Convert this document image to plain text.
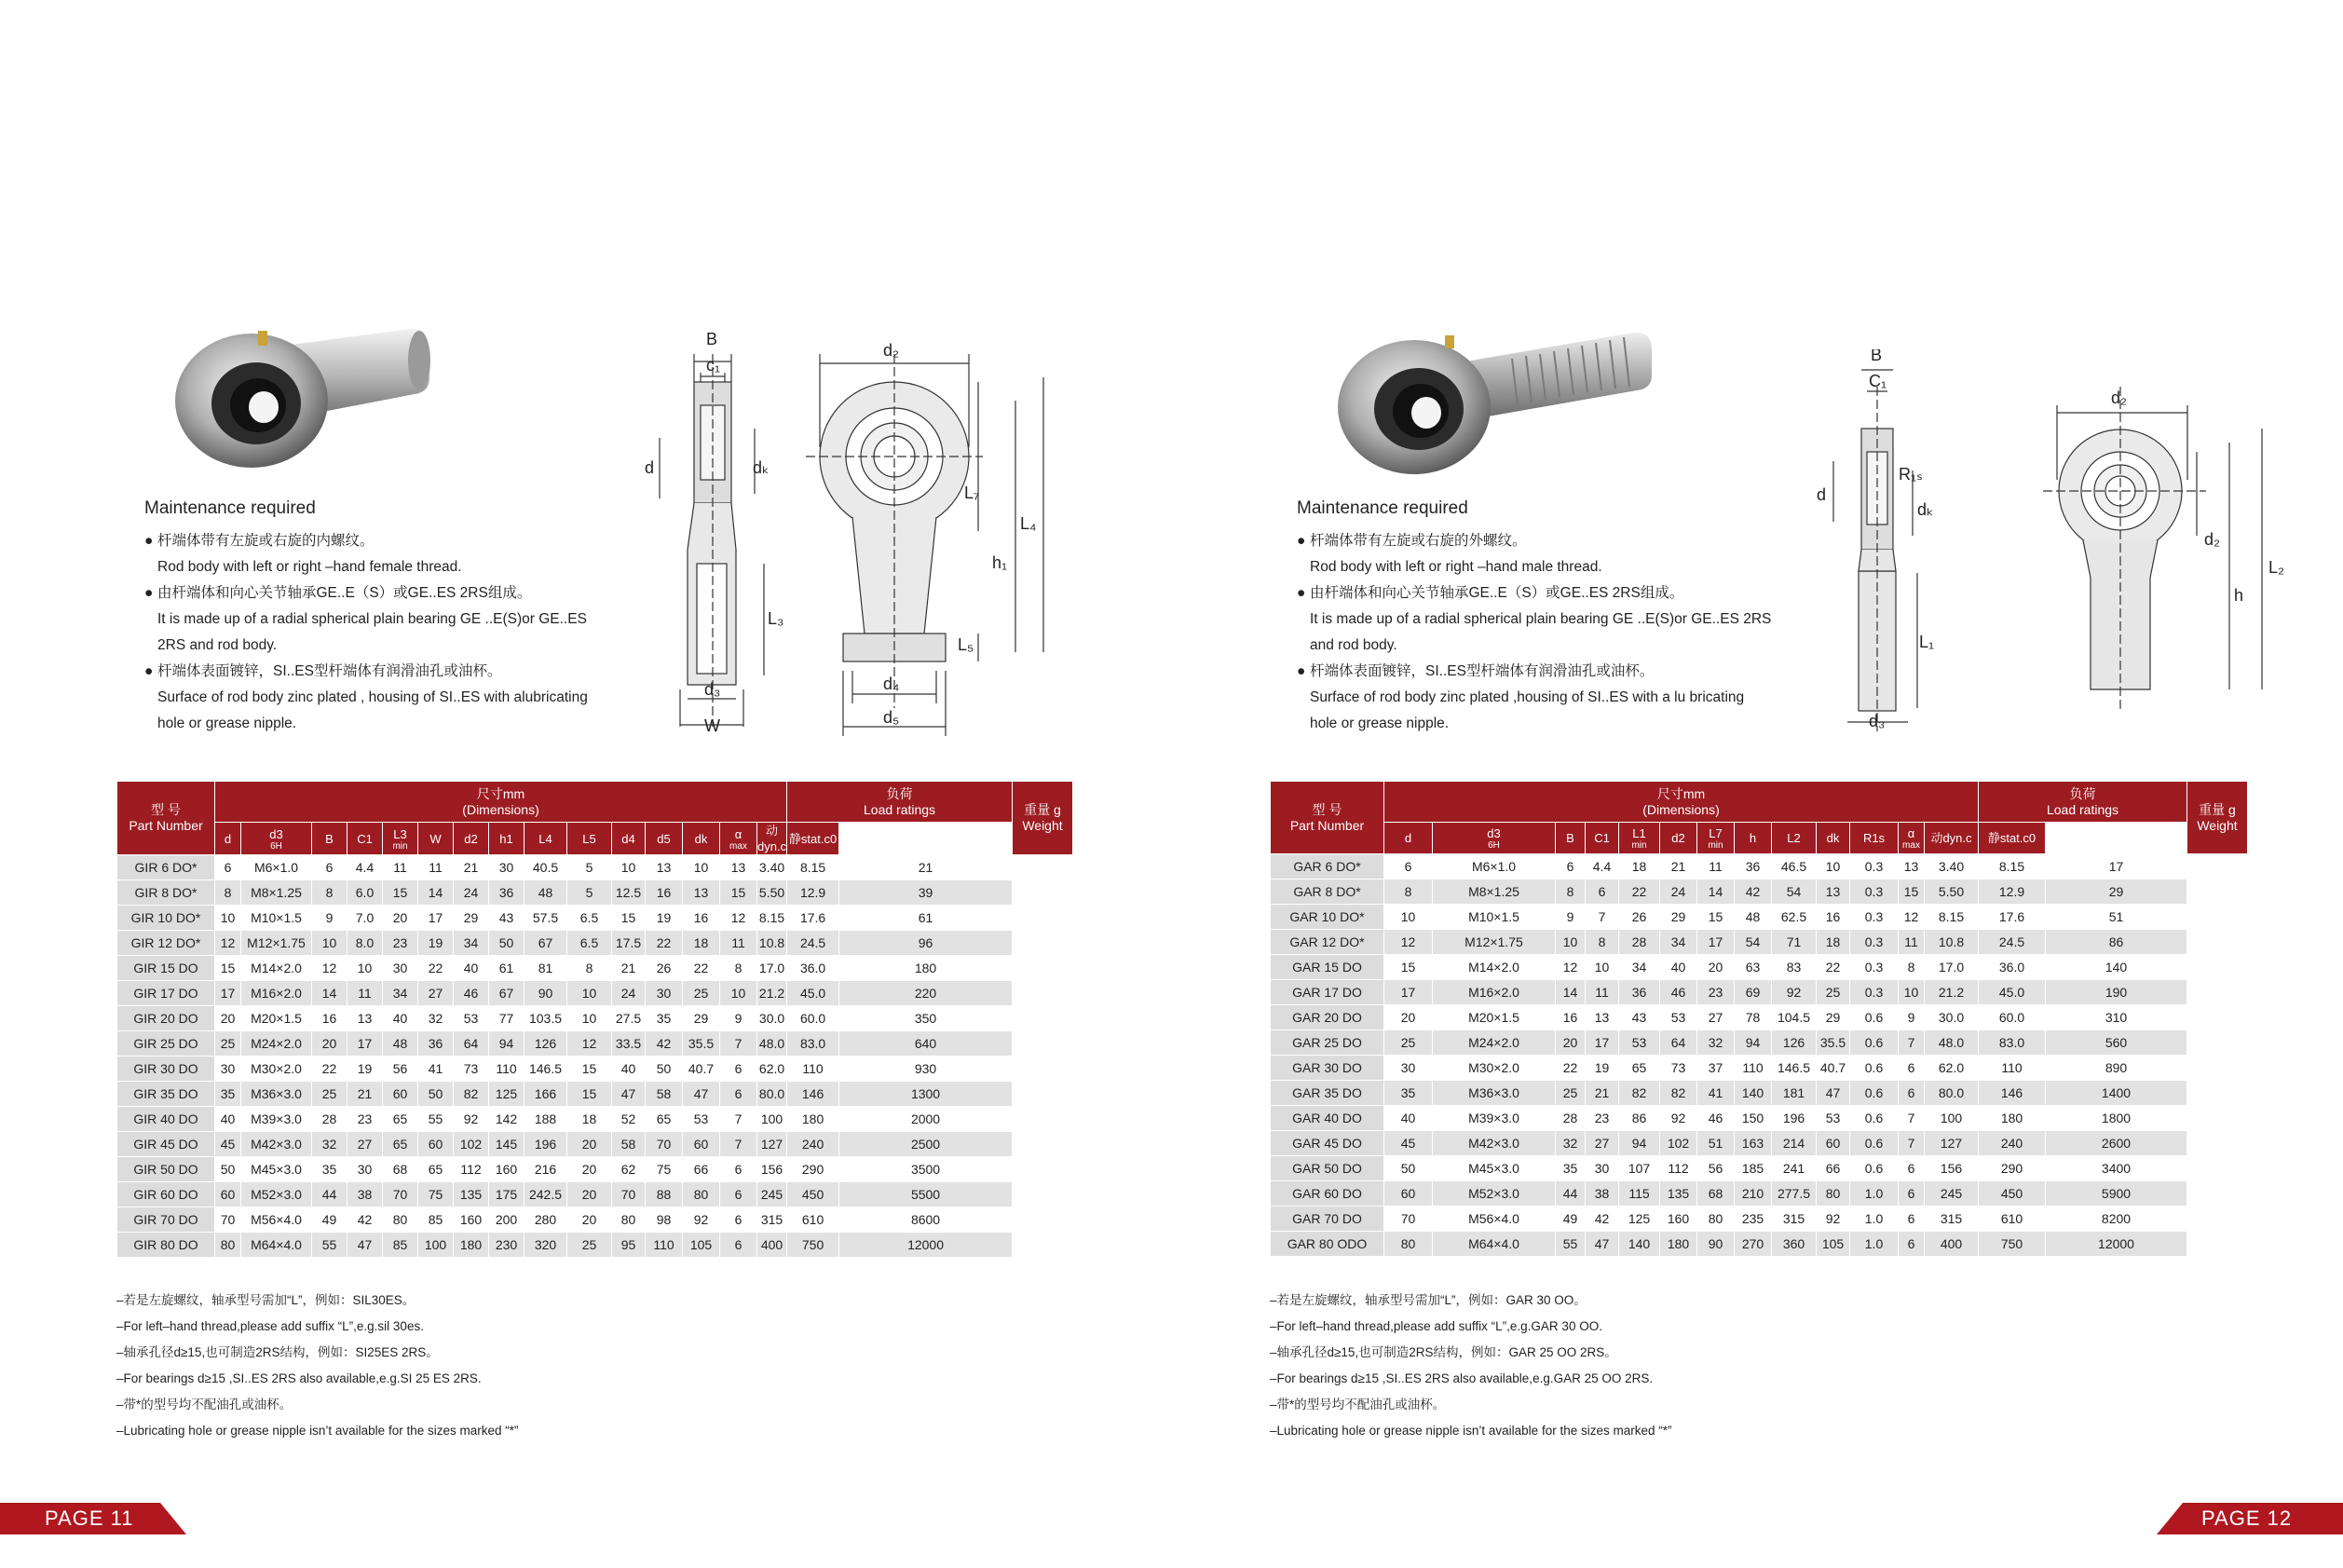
B
c₁
d₂
d	dₖ
L₇
L₄
h₁
L₃
L₅
d₃	d₄
W	d₅
Maintenance required

● 杆端体带有左旋或右旋的内螺纹。

Rod body with left or right –hand female thread.

● 由杆端体和向心关节轴承GE..E（S）或GE..ES 2RS组成。

It is made up of a radial spherical plain bearing GE ..E(S)or GE..ES

2RS and rod body.

● 杆端体表面镀锌，SI..ES型杆端体有润滑油孔或油杯。

Surface of rod body zinc plated , housing of SI..ES with alubricating

hole or grease nipple.

型 号
Part Number	尺寸mm
(Dimensions)															负荷
Load ratings		重量 g
Weight
	d	d3
6H	B	C1	L3
min	W	d2	h1	L4	L5	d4	d5	dk	α
max	动dyn.c	静stat.c0		
GIR 6 DO*	6	M6×1.0	6	4.4	11	11	21	30	40.5	5	10	13	10	13	3.40	8.15	21	
GIR 8 DO*	8	M8×1.25	8	6.0	15	14	24	36	48	5	12.5	16	13	15	5.50	12.9	39	
GIR 10 DO*	10	M10×1.5	9	7.0	20	17	29	43	57.5	6.5	15	19	16	12	8.15	17.6	61	
GIR 12 DO*	12	M12×1.75	10	8.0	23	19	34	50	67	6.5	17.5	22	18	11	10.8	24.5	96	
GIR 15 DO	15	M14×2.0	12	10	30	22	40	61	81	8	21	26	22	8	17.0	36.0	180	
GIR 17 DO	17	M16×2.0	14	11	34	27	46	67	90	10	24	30	25	10	21.2	45.0	220	
GIR 20 DO	20	M20×1.5	16	13	40	32	53	77	103.5	10	27.5	35	29	9	30.0	60.0	350	
GIR 25 DO	25	M24×2.0	20	17	48	36	64	94	126	12	33.5	42	35.5	7	48.0	83.0	640	
GIR 30 DO	30	M30×2.0	22	19	56	41	73	110	146.5	15	40	50	40.7	6	62.0	110	930	
GIR 35 DO	35	M36×3.0	25	21	60	50	82	125	166	15	47	58	47	6	80.0	146	1300	
GIR 40 DO	40	M39×3.0	28	23	65	55	92	142	188	18	52	65	53	7	100	180	2000	
GIR 45 DO	45	M42×3.0	32	27	65	60	102	145	196	20	58	70	60	7	127	240	2500	
GIR 50 DO	50	M45×3.0	35	30	68	65	112	160	216	20	62	75	66	6	156	290	3500	
GIR 60 DO	60	M52×3.0	44	38	70	75	135	175	242.5	20	70	88	80	6	245	450	5500	
GIR 70 DO	70	M56×4.0	49	42	80	85	160	200	280	20	80	98	92	6	315	610	8600	
GIR 80 DO	80	M64×4.0	55	47	85	100	180	230	320	25	95	110	105	6	400	750	12000	

–若是左旋螺纹，轴承型号需加“L”，例如：SIL30ES。

–For left–hand thread,please add suffix “L”,e.g.sil 30es.

–轴承孔径d≥15,也可制造2RS结构，例如：SI25ES 2RS。

–For bearings d≥15 ,SI..ES 2RS also available,e.g.SI 25 ES 2RS.

–带*的型号均不配油孔或油杯。

–Lubricating hole or grease nipple isn’t available for the sizes marked “*”

PAGE 11
B
C₁
d₂
d
R₁ₛ
dₖ
d₂
L₂
h
L₁
d₃
Maintenance required

● 杆端体带有左旋或右旋的外螺纹。

Rod body with left or right –hand male thread.

● 由杆端体和向心关节轴承GE..E（S）或GE..ES 2RS组成。

It is made up of a radial spherical plain bearing GE ..E(S)or GE..ES 2RS

and rod body.

● 杆端体表面镀锌，SI..ES型杆端体有润滑油孔或油杯。

Surface of rod body zinc plated ,housing of SI..ES with a lu bricating

hole or grease nipple.

型 号
Part Number	尺寸mm
(Dimensions)													负荷
Load ratings		重量 g
Weight
	d	d3
6H	B	C1	L1
min	d2	L7
min	h	L2	dk	R1s	α
max	动dyn.c	静stat.c0		
GAR 6 DO*	6	M6×1.0	6	4.4	18	21	11	36	46.5	10	0.3	13	3.40	8.15	17	
GAR 8 DO*	8	M8×1.25	8	6	22	24	14	42	54	13	0.3	15	5.50	12.9	29	
GAR 10 DO*	10	M10×1.5	9	7	26	29	15	48	62.5	16	0.3	12	8.15	17.6	51	
GAR 12 DO*	12	M12×1.75	10	8	28	34	17	54	71	18	0.3	11	10.8	24.5	86	
GAR 15 DO	15	M14×2.0	12	10	34	40	20	63	83	22	0.3	8	17.0	36.0	140	
GAR 17 DO	17	M16×2.0	14	11	36	46	23	69	92	25	0.3	10	21.2	45.0	190	
GAR 20 DO	20	M20×1.5	16	13	43	53	27	78	104.5	29	0.6	9	30.0	60.0	310	
GAR 25 DO	25	M24×2.0	20	17	53	64	32	94	126	35.5	0.6	7	48.0	83.0	560	
GAR 30 DO	30	M30×2.0	22	19	65	73	37	110	146.5	40.7	0.6	6	62.0	110	890	
GAR 35 DO	35	M36×3.0	25	21	82	82	41	140	181	47	0.6	6	80.0	146	1400	
GAR 40 DO	40	M39×3.0	28	23	86	92	46	150	196	53	0.6	7	100	180	1800	
GAR 45 DO	45	M42×3.0	32	27	94	102	51	163	214	60	0.6	7	127	240	2600	
GAR 50 DO	50	M45×3.0	35	30	107	112	56	185	241	66	0.6	6	156	290	3400	
GAR 60 DO	60	M52×3.0	44	38	115	135	68	210	277.5	80	1.0	6	245	450	5900	
GAR 70 DO	70	M56×4.0	49	42	125	160	80	235	315	92	1.0	6	315	610	8200	
GAR 80 ODO	80	M64×4.0	55	47	140	180	90	270	360	105	1.0	6	400	750	12000	

–若是左旋螺纹，轴承型号需加“L”，例如：GAR 30 OO。

–For left–hand thread,please add suffix “L”,e.g.GAR 30 OO.

–轴承孔径d≥15,也可制造2RS结构，例如：GAR 25 OO 2RS。

–For bearings d≥15 ,SI..ES 2RS also available,e.g.GAR 25 OO 2RS.

–带*的型号均不配油孔或油杯。

–Lubricating hole or grease nipple isn’t available for the sizes marked “*”

PAGE 12
